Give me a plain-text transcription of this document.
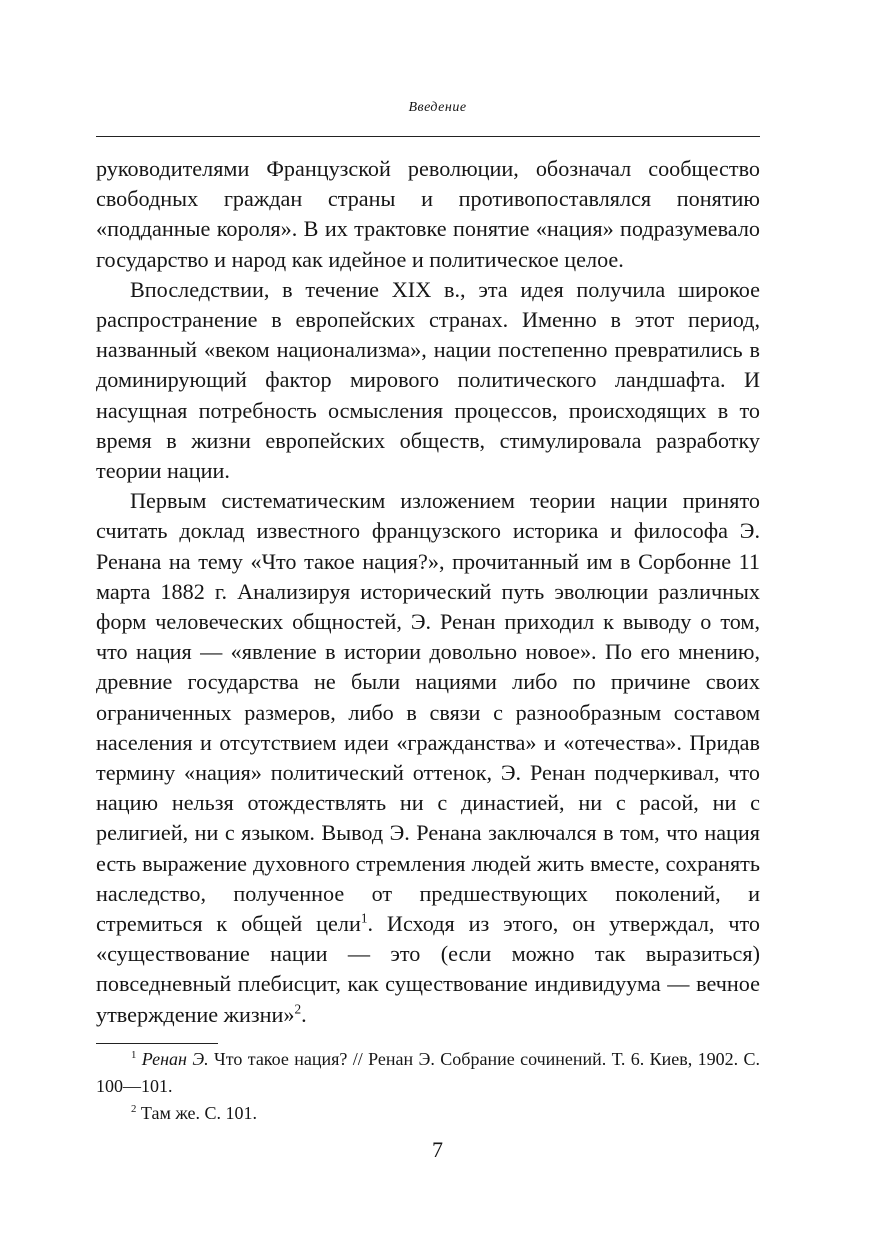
Введение

руководителями Французской революции, обозначал сообщество свободных граждан страны и противопоставлялся понятию «подданные короля». В их трактовке понятие «нация» подразумевало государство и народ как идейное и политическое целое.

Впоследствии, в течение XIX в., эта идея получила широкое распространение в европейских странах. Именно в этот период, названный «веком национализма», нации постепенно превратились в доминирующий фактор мирового политического ландшафта. И насущная потребность осмысления процессов, происходящих в то время в жизни европейских обществ, стимулировала разработку теории нации.

Первым систематическим изложением теории нации принято считать доклад известного французского историка и философа Э. Ренана на тему «Что такое нация?», прочитанный им в Сорбонне 11 марта 1882 г. Анализируя исторический путь эволюции различных форм человеческих общностей, Э. Ренан приходил к выводу о том, что нация — «явление в истории довольно новое». По его мнению, древние государства не были нациями либо по причине своих ограниченных размеров, либо в связи с разнообразным составом населения и отсутствием идеи «гражданства» и «отечества». Придав термину «нация» политический оттенок, Э. Ренан подчеркивал, что нацию нельзя отождествлять ни с династией, ни с расой, ни с религией, ни с языком. Вывод Э. Ренана заключался в том, что нация есть выражение духовного стремления людей жить вместе, сохранять наследство, полученное от предшествующих поколений, и стремиться к общей цели$^1$. Исходя из этого, он утверждал, что «существование нации — это (если можно так выразиться) повседневный плебисцит, как существование индивидуума — вечное утверждение жизни»$^2$.

$^1$ Ренан Э. Что такое нация? // Ренан Э. Собрание сочинений. Т. 6. Киев, 1902. С. 100—101.

$^2$ Там же. С. 101.

7
